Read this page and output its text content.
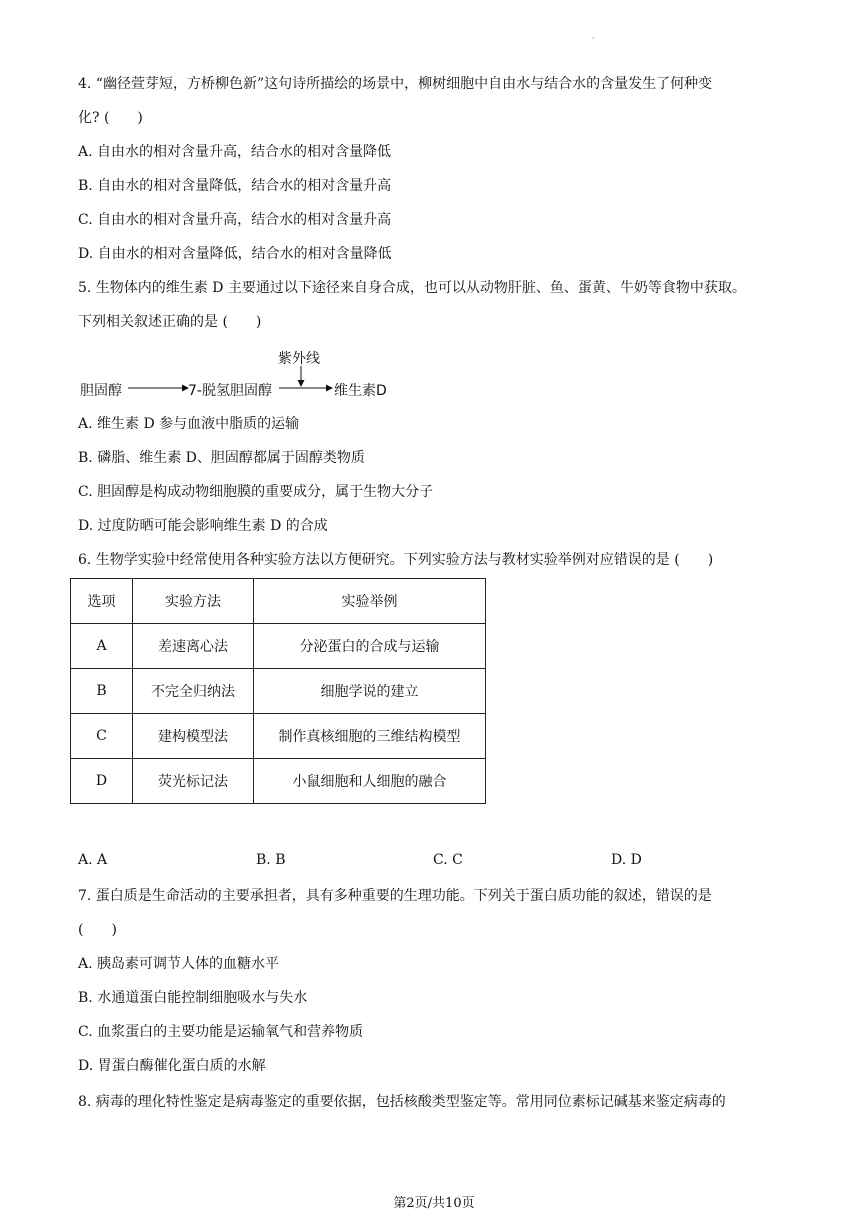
·
4. “幽径萱芽短，方桥柳色新”这句诗所描绘的场景中，柳树细胞中自由水与结合水的含量发生了何种变
化? (　　)
A. 自由水的相对含量升高，结合水的相对含量降低
B. 自由水的相对含量降低，结合水的相对含量升高
C. 自由水的相对含量升高，结合水的相对含量升高
D. 自由水的相对含量降低，结合水的相对含量降低
5. 生物体内的维生素 D 主要通过以下途径来自身合成，也可以从动物肝脏、鱼、蛋黄、牛奶等食物中获取。
下列相关叙述正确的是 (　　)
紫外线
胆固醇	7-脱氢胆固醇	维生素D
A. 维生素 D 参与血液中脂质的运输
B. 磷脂、维生素 D、胆固醇都属于固醇类物质
C. 胆固醇是构成动物细胞膜的重要成分，属于生物大分子
D. 过度防晒可能会影响维生素 D 的合成
6. 生物学实验中经常使用各种实验方法以方便研究。下列实验方法与教材实验举例对应错误的是 (　　)
选项	实验方法	实验举例
A	差速离心法	分泌蛋白的合成与运输
B	不完全归纳法	细胞学说的建立
C	建构模型法	制作真核细胞的三维结构模型
D	荧光标记法	小鼠细胞和人细胞的融合
A. A	B. B	C. C	D. D
7. 蛋白质是生命活动的主要承担者，具有多种重要的生理功能。下列关于蛋白质功能的叙述，错误的是
(　　)
A. 胰岛素可调节人体的血糖水平
B. 水通道蛋白能控制细胞吸水与失水
C. 血浆蛋白的主要功能是运输氧气和营养物质
D. 胃蛋白酶催化蛋白质的水解
8. 病毒的理化特性鉴定是病毒鉴定的重要依据，包括核酸类型鉴定等。常用同位素标记碱基来鉴定病毒的
第2页/共10页
